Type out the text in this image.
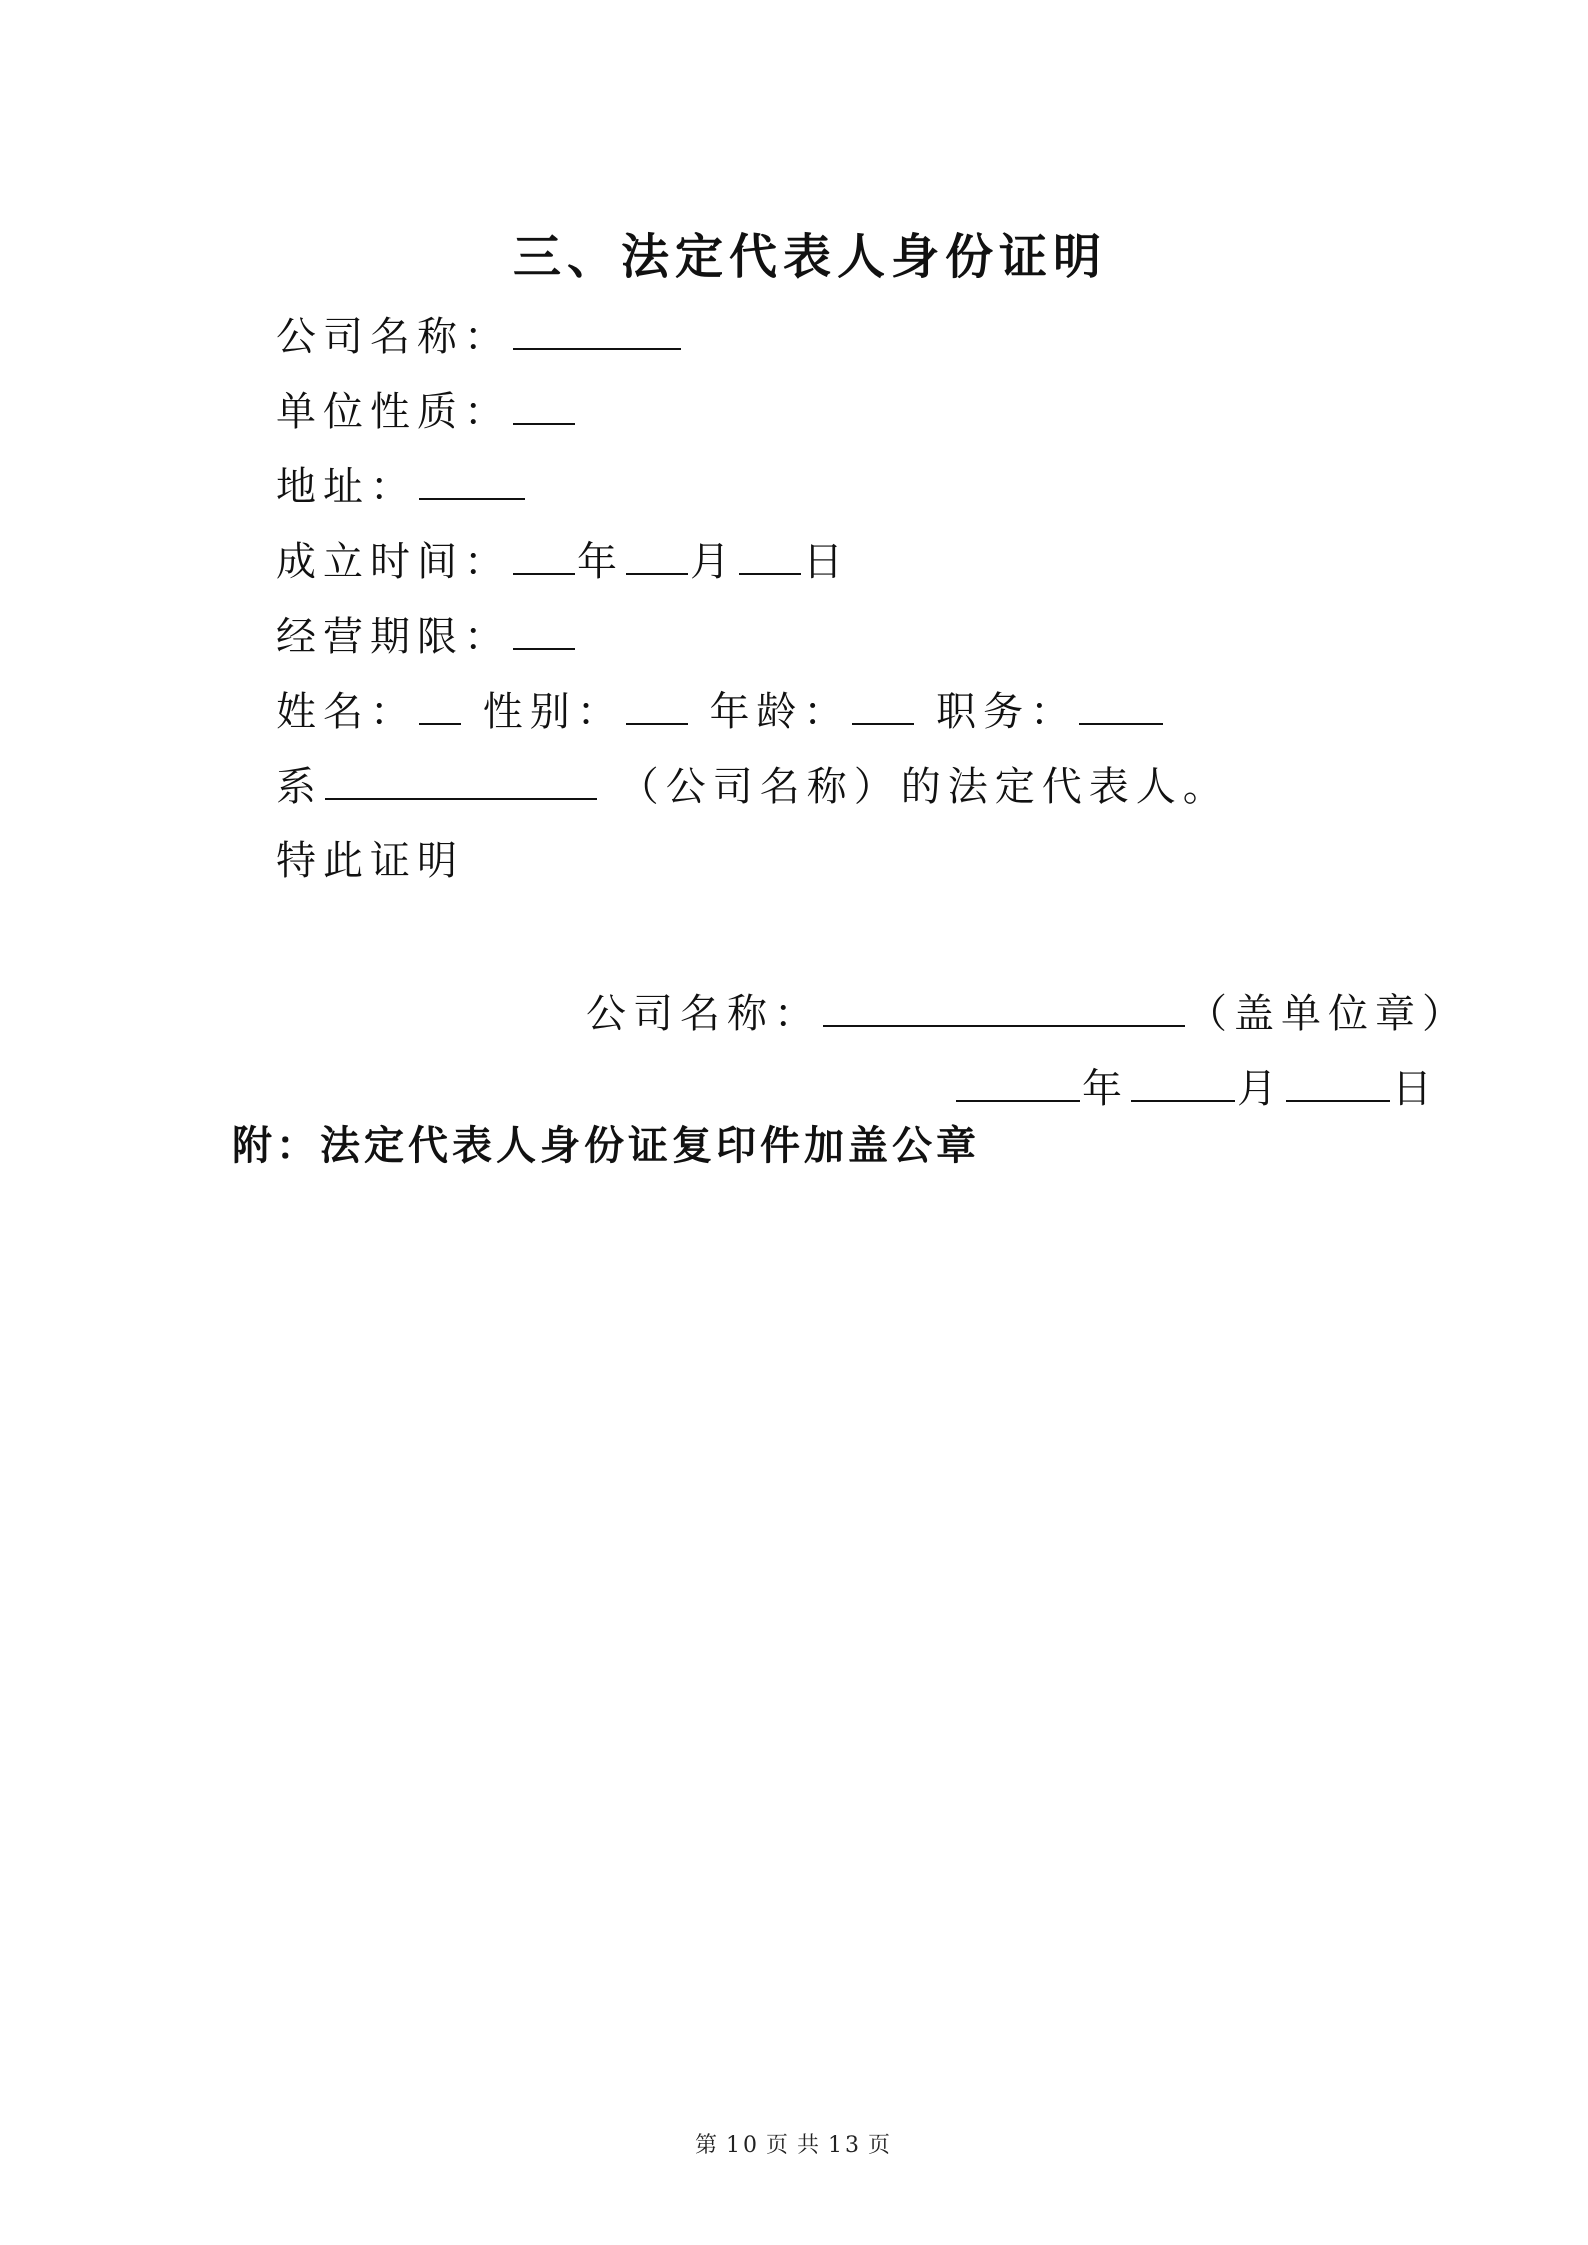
三、法定代表人身份证明
公司名称：
单位性质：
地址：
成立时间： 年 月 日
经营期限：
姓名： 性别： 年龄： 职务：
系	（公司名称）的法定代表人。
特此证明
公司名称：	（盖单位章）
年	月	日
附：法定代表人身份证复印件加盖公章
第 10 页 共 13 页
